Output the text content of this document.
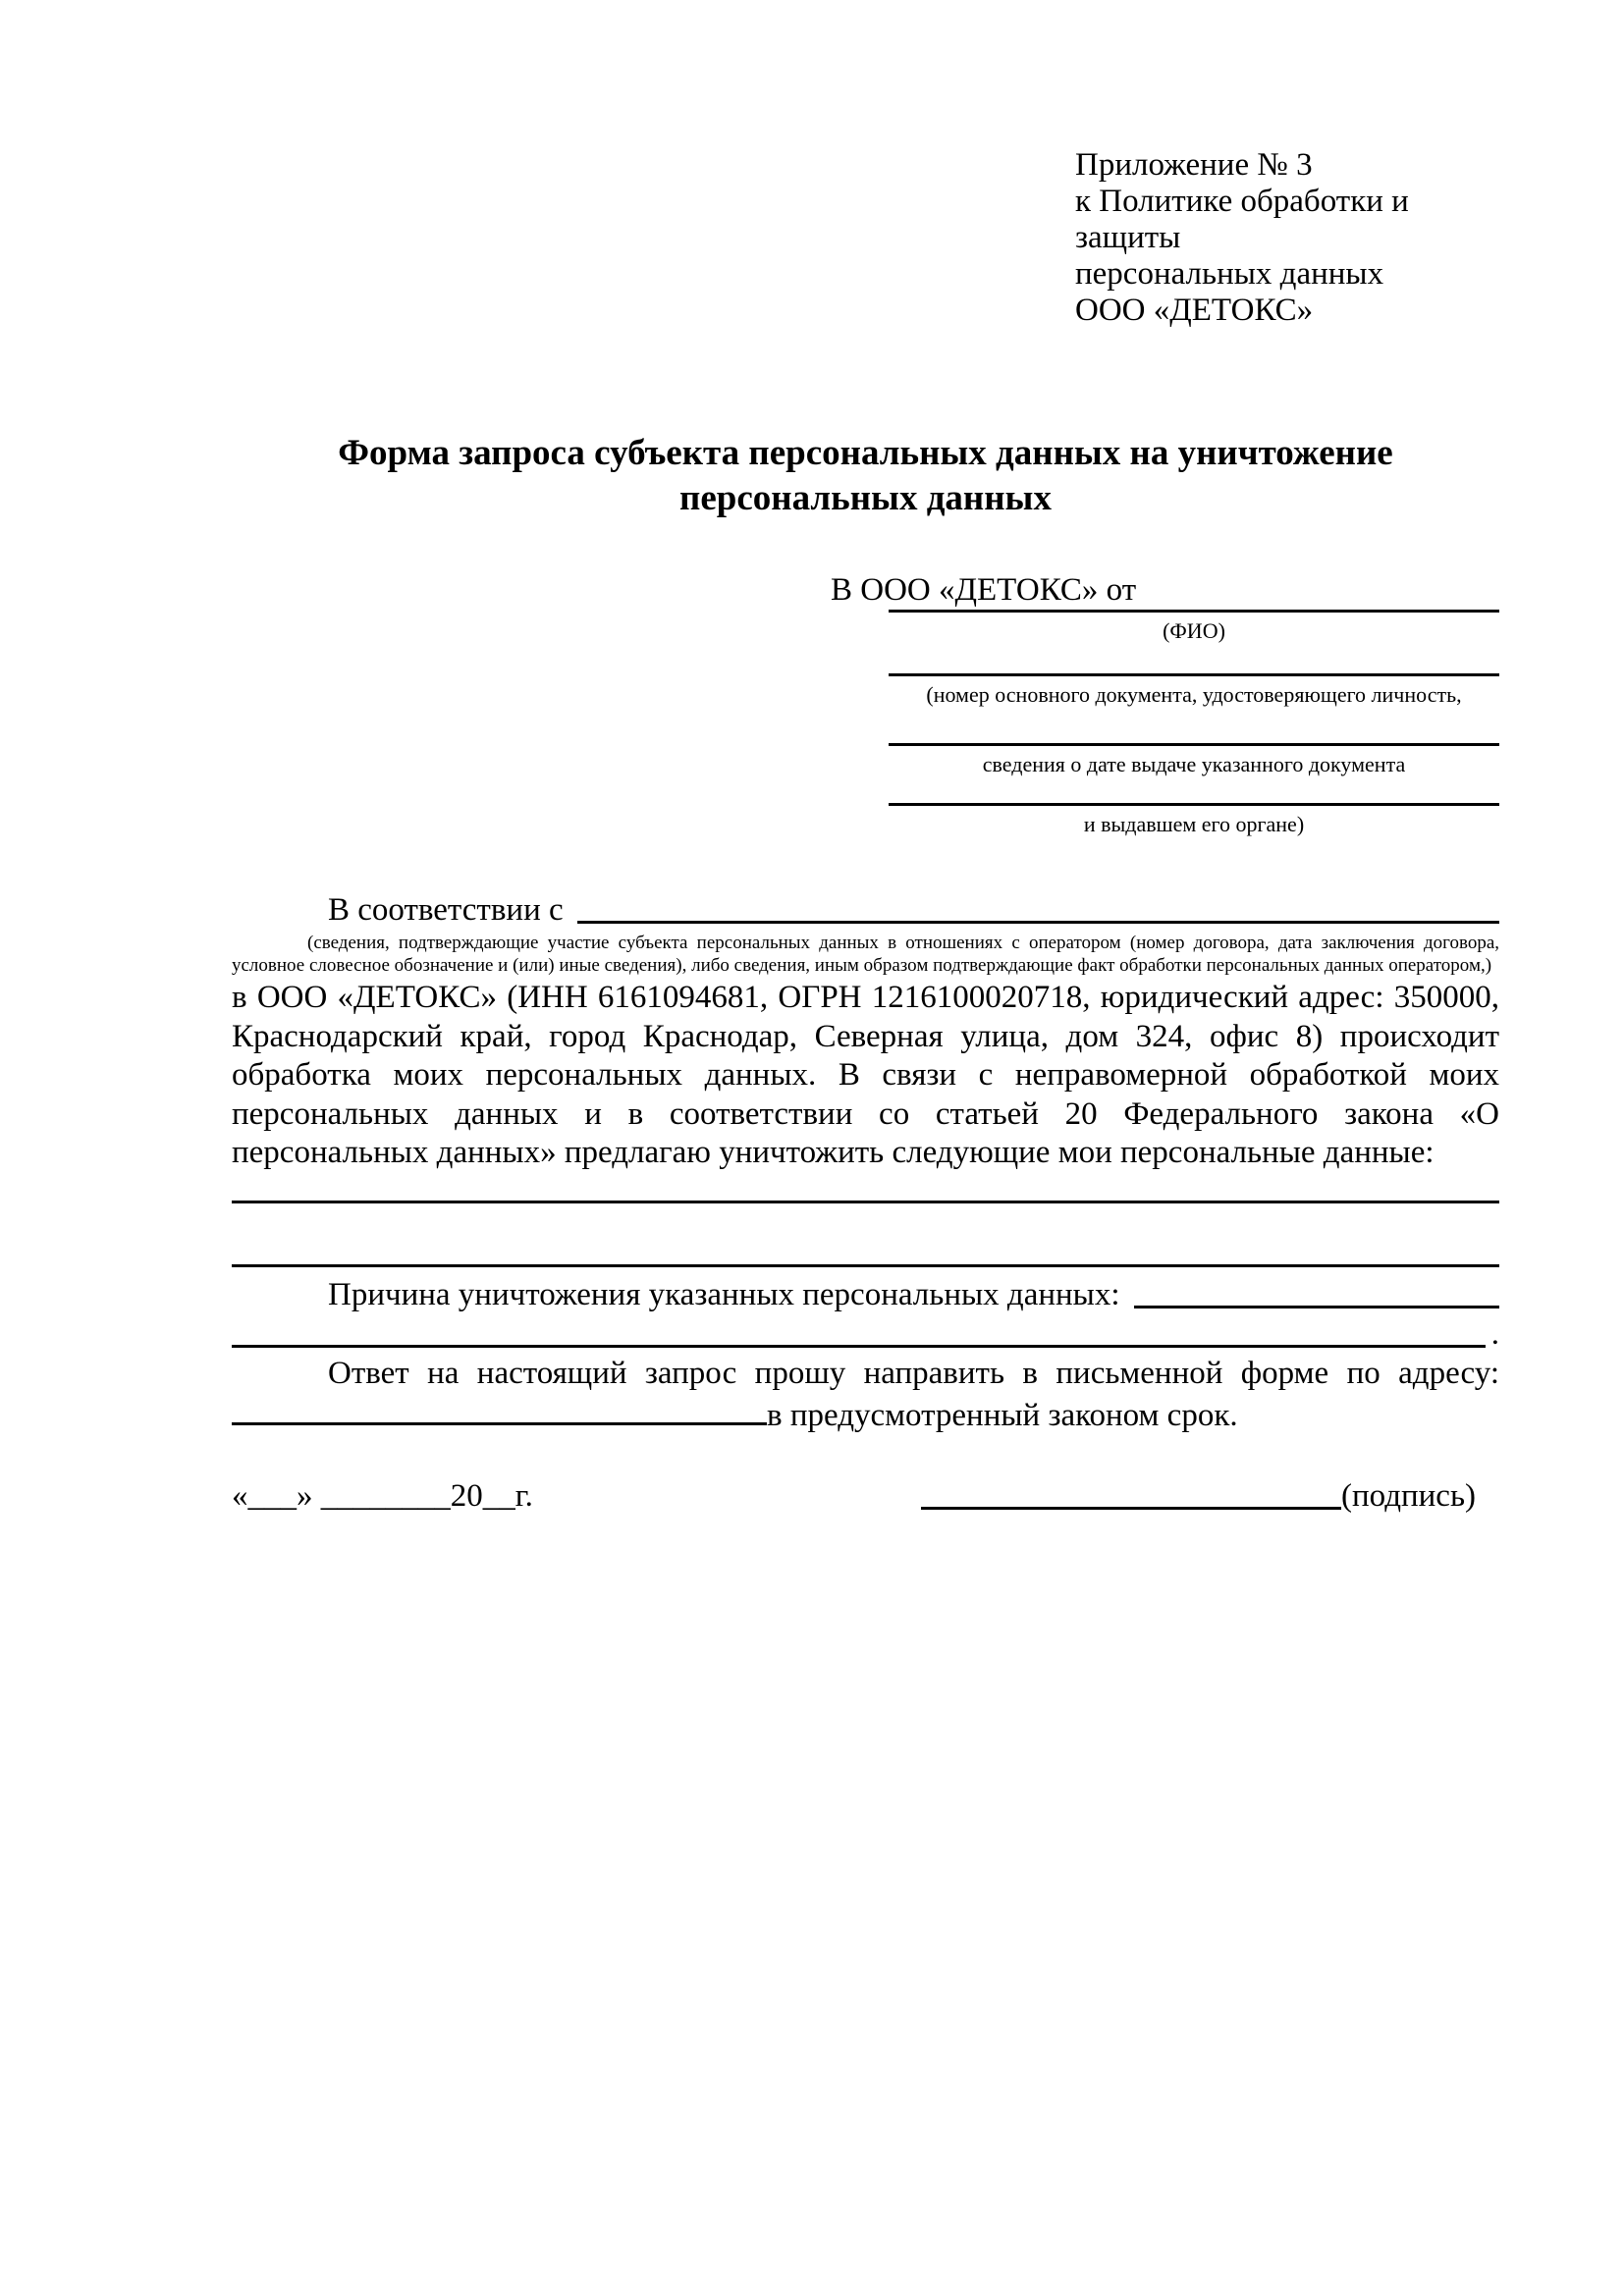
Приложение № 3
к Политике обработки и защиты
персональных данных
ООО «ДЕТОКС»
Форма запроса субъекта персональных данных на уничтожение персональных данных
В ООО «ДЕТОКС» от
(ФИО)
(номер основного документа, удостоверяющего личность,
сведения о дате выдаче указанного документа
и выдавшем его органе)
В соответствии с
(сведения, подтверждающие участие субъекта персональных данных в отношениях с оператором (номер договора, дата заключения договора, условное словесное обозначение и (или) иные сведения), либо сведения, иным образом подтверждающие факт обработки персональных данных оператором,)
в ООО «ДЕТОКС» (ИНН 6161094681, ОГРН 1216100020718, юридический адрес: 350000, Краснодарский край, город Краснодар, Северная улица, дом 324, офис 8) происходит обработка моих персональных данных. В связи с неправомерной обработкой моих персональных данных и в соответствии со статьей 20 Федерального закона «О персональных данных» предлагаю уничтожить следующие мои персональные данные:
Причина уничтожения указанных персональных данных:
.
Ответ на настоящий запрос прошу направить в письменной форме по адресу:
в предусмотренный законом срок.
«___» ________20__г.	(подпись)
